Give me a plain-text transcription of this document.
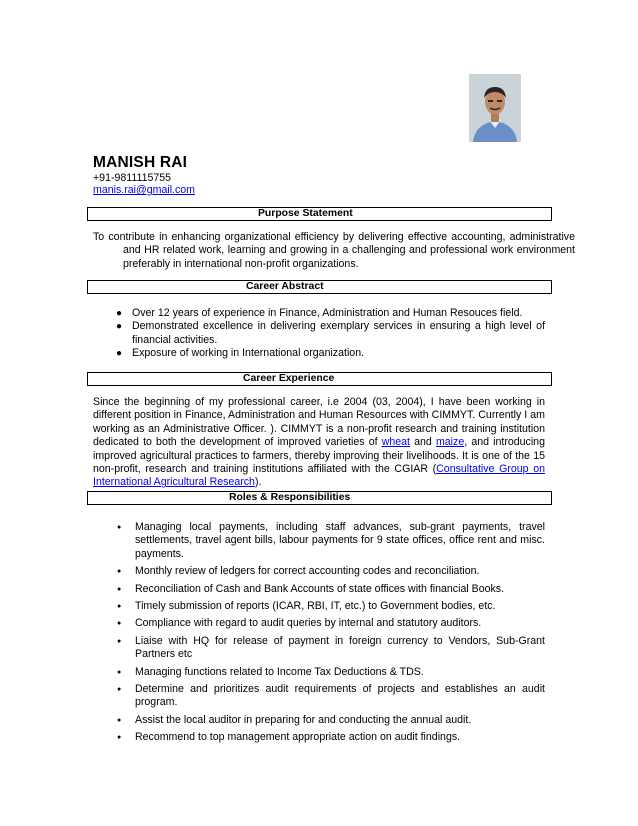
MANISH RAI
+91-9811115755
manis.rai@gmail.com
Purpose Statement
To contribute in enhancing organizational efficiency by delivering effective accounting, administrative and HR related work, learning and growing in a challenging and professional work environment preferably in international non-profit organizations.
Career Abstract
● Over 12 years of experience in Finance, Administration and Human Resouces field.
● Demonstrated excellence in delivering exemplary services in ensuring a high level of financial activities.
● Exposure of working in International organization.
Career Experience
Since the beginning of my professional career, i.e 2004 (03, 2004), I have been working in different position in Finance, Administration and Human Resources with CIMMYT. Currently I am working as an Administrative Officer. ). CIMMYT is a non-profit research and training institution dedicated to both the development of improved varieties of wheat and maize, and introducing improved agricultural practices to farmers, thereby improving their livelihoods. It is one of the 15 non-profit, research and training institutions affiliated with the CGIAR (Consultative Group on International Agricultural Research).
Roles & Responsibilities
● Managing local payments, including staff advances, sub-grant payments, travel settlements, travel agent bills, labour payments for 9 state offices, office rent and misc. payments.
● Monthly review of ledgers for correct accounting codes and reconciliation.
● Reconciliation of Cash and Bank Accounts of state offices with financial Books.
● Timely submission of reports (ICAR, RBI, IT, etc.) to Government bodies, etc.
● Compliance with regard to audit queries by internal and statutory auditors.
● Liaise with HQ for release of payment in foreign currency to Vendors, Sub-Grant Partners etc
● Managing functions related to Income Tax Deductions & TDS.
● Determine and prioritizes audit requirements of projects and establishes an audit program.
● Assist the local auditor in preparing for and conducting the annual audit.
● Recommend to top management appropriate action on audit findings.
